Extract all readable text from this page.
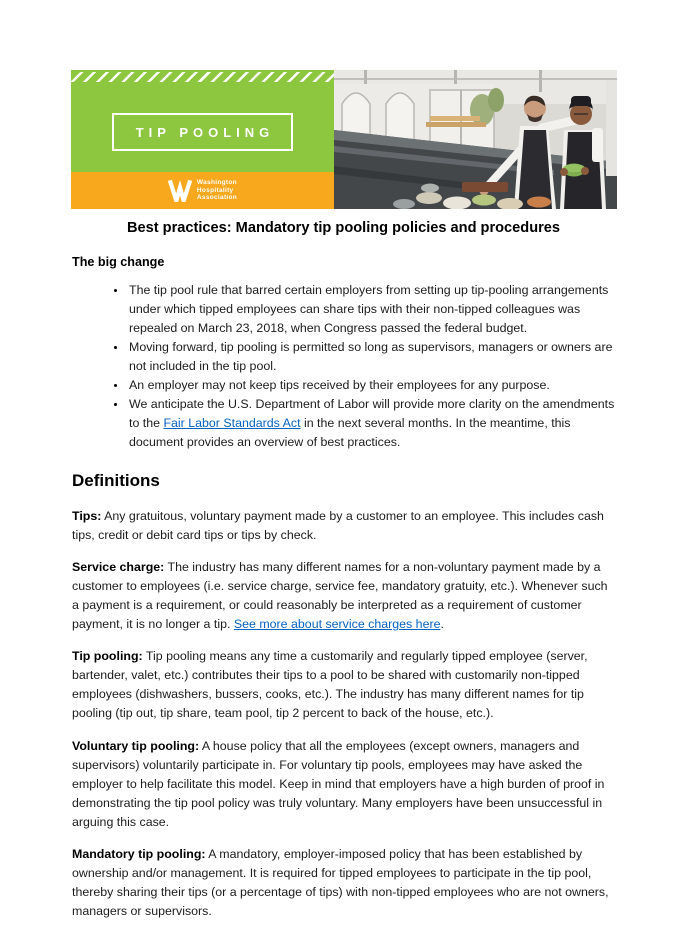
TIP POOLING
Washington
Hospitality
Association

Best practices: Mandatory tip pooling policies and procedures

The big change

• The tip pool rule that barred certain employers from setting up tip-pooling arrangements under which tipped employees can share tips with their non-tipped colleagues was repealed on March 23, 2018, when Congress passed the federal budget.
• Moving forward, tip pooling is permitted so long as supervisors, managers or owners are not included in the tip pool.
• An employer may not keep tips received by their employees for any purpose.
• We anticipate the U.S. Department of Labor will provide more clarity on the amendments to the Fair Labor Standards Act in the next several months. In the meantime, this document provides an overview of best practices.
Definitions

Tips: Any gratuitous, voluntary payment made by a customer to an employee. This includes cash tips, credit or debit card tips or tips by check.

Service charge: The industry has many different names for a non-voluntary payment made by a customer to employees (i.e. service charge, service fee, mandatory gratuity, etc.). Whenever such a payment is a requirement, or could reasonably be interpreted as a requirement of customer payment, it is no longer a tip. See more about service charges here.

Tip pooling: Tip pooling means any time a customarily and regularly tipped employee (server, bartender, valet, etc.) contributes their tips to a pool to be shared with customarily non-tipped employees (dishwashers, bussers, cooks, etc.). The industry has many different names for tip pooling (tip out, tip share, team pool, tip 2 percent to back of the house, etc.).

Voluntary tip pooling: A house policy that all the employees (except owners, managers and supervisors) voluntarily participate in. For voluntary tip pools, employees may have asked the employer to help facilitate this model. Keep in mind that employers have a high burden of proof in demonstrating the tip pool policy was truly voluntary. Many employers have been unsuccessful in arguing this case.

Mandatory tip pooling: A mandatory, employer-imposed policy that has been established by ownership and/or management. It is required for tipped employees to participate in the tip pool, thereby sharing their tips (or a percentage of tips) with non-tipped employees who are not owners, managers or supervisors.
